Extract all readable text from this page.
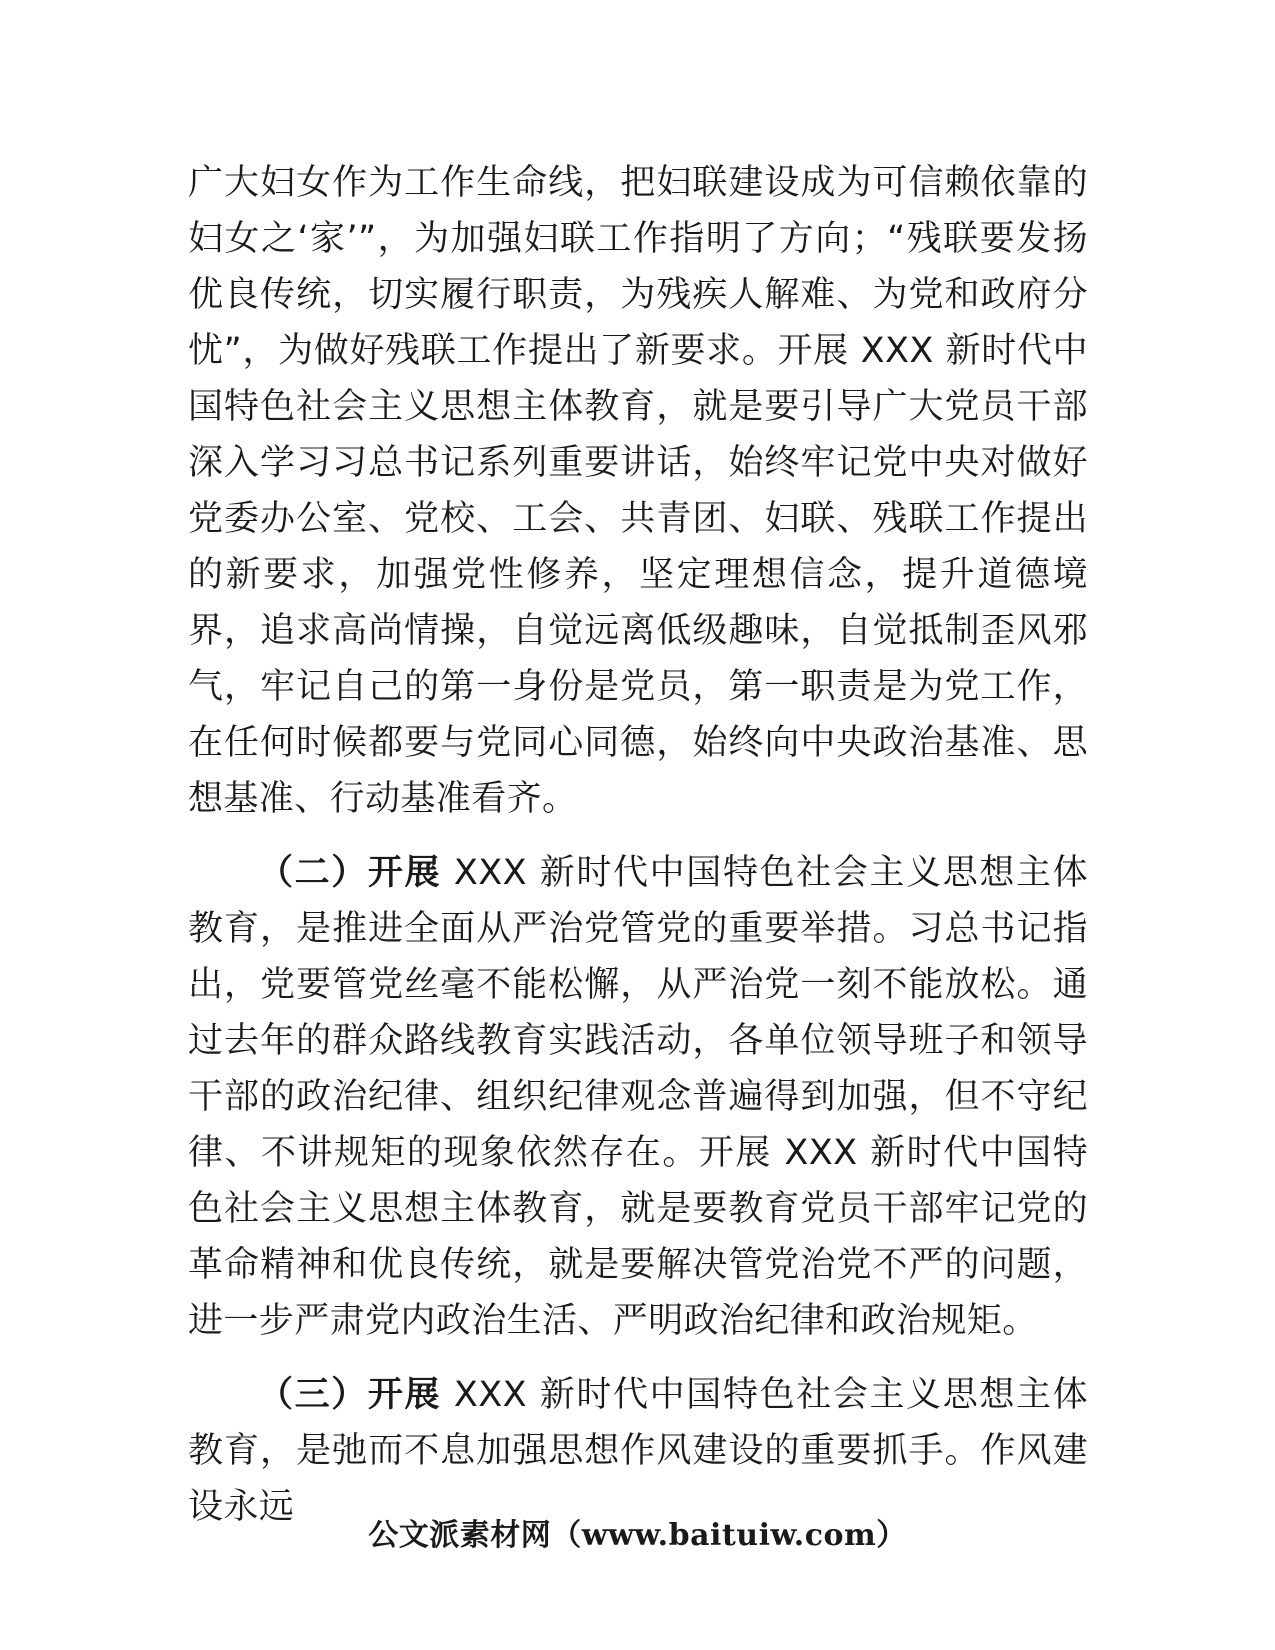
广大妇女作为工作生命线，把妇联建设成为可信赖依靠的妇女之‘家’”，为加强妇联工作指明了方向；“残联要发扬优良传统，切实履行职责，为残疾人解难、为党和政府分忧”，为做好残联工作提出了新要求。开展 XXX 新时代中国特色社会主义思想主体教育，就是要引导广大党员干部深入学习习总书记系列重要讲话，始终牢记党中央对做好党委办公室、党校、工会、共青团、妇联、残联工作提出的新要求，加强党性修养，坚定理想信念，提升道德境界，追求高尚情操，自觉远离低级趣味，自觉抵制歪风邪气，牢记自己的第一身份是党员，第一职责是为党工作，在任何时候都要与党同心同德，始终向中央政治基准、思想基准、行动基准看齐。

（二）开展 XXX 新时代中国特色社会主义思想主体教育，是推进全面从严治党管党的重要举措。习总书记指出，党要管党丝毫不能松懈，从严治党一刻不能放松。通过去年的群众路线教育实践活动，各单位领导班子和领导干部的政治纪律、组织纪律观念普遍得到加强，但不守纪律、不讲规矩的现象依然存在。开展 XXX 新时代中国特色社会主义思想主体教育，就是要教育党员干部牢记党的革命精神和优良传统，就是要解决管党治党不严的问题，进一步严肃党内政治生活、严明政治纪律和政治规矩。

（三）开展 XXX 新时代中国特色社会主义思想主体教育，是弛而不息加强思想作风建设的重要抓手。作风建设永远

公文派素材网（www.baituiw.com）
